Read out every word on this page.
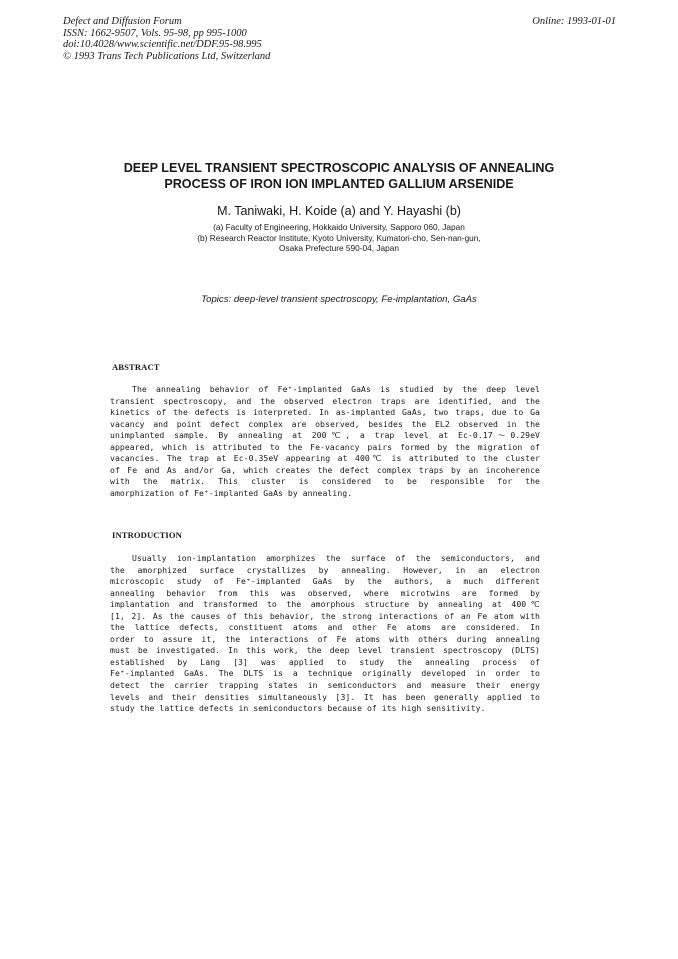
Defect and Diffusion Forum
ISSN: 1662-9507, Vols. 95-98, pp 995-1000
doi:10.4028/www.scientific.net/DDF.95-98.995
© 1993 Trans Tech Publications Ltd, Switzerland
Online: 1993-01-01
DEEP LEVEL TRANSIENT SPECTROSCOPIC ANALYSIS OF ANNEALING
PROCESS OF IRON ION IMPLANTED GALLIUM ARSENIDE
M. Taniwaki, H. Koide (a) and Y. Hayashi (b)
(a) Faculty of Engineering, Hokkaido University, Sapporo 060, Japan
(b) Research Reactor Institute, Kyoto University, Kumatori-cho, Sen-nan-gun,
Osaka Prefecture 590-04, Japan
Topics: deep-level transient spectroscopy, Fe-implantation, GaAs
ABSTRACT
The annealing behavior of Fe⁺-implanted GaAs is studied by the deep level
transient spectroscopy, and the observed electron traps are identified, and the
kinetics of the defects is interpreted. In as-implanted GaAs, two traps, due to Ga
vacancy and point defect complex are observed, besides the EL2 observed in the
unimplanted sample. By annealing at 200℃, a trap level at Ec-0.17～0.29eV
appeared, which is attributed to the Fe-vacancy pairs formed by the migration of
vacancies. The trap at Ec-0.35eV appearing at 400℃ is attributed to the cluster
of Fe and As and/or Ga, which creates the defect complex traps by an incoherence
with the matrix. This cluster is considered to be responsible for the
amorphization of Fe⁺-implanted GaAs by annealing.
INTRODUCTION
Usually ion-implantation amorphizes the surface of the semiconductors, and
the amorphized surface crystallizes by annealing. However, in an electron
microscopic study of Fe⁺-implanted GaAs by the authors, a much different
annealing behavior from this was observed, where microtwins are formed by
implantation and transformed to the amorphous structure by annealing at 400℃
[1, 2]. As the causes of this behavior, the strong interactions of an Fe atom with
the lattice defects, constituent atoms and other Fe atoms are considered. In
order to assure it, the interactions of Fe atoms with others during annealing
must be investigated. In this work, the deep level transient spectroscopy (DLTS)
established by Lang [3] was applied to study the annealing process of
Fe⁺-implanted GaAs. The DLTS is a technique originally developed in order to
detect the carrier trapping states in semiconductors and measure their energy
levels and their densities simultaneously [3]. It has been generally applied to
study the lattice defects in semiconductors because of its high sensitivity.
